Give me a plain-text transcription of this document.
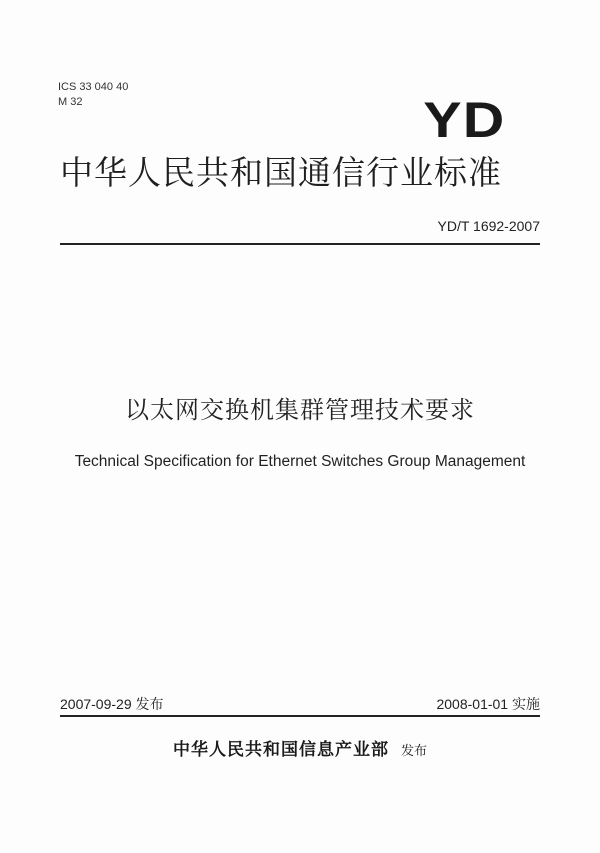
ICS 33 040 40
M 32	YD
中华人民共和国通信行业标准
YD/T 1692-2007
以太网交换机集群管理技术要求
Technical Specification for Ethernet Switches Group Management
2007-09-29 发布	2008-01-01 实施
中华人民共和国信息产业部 发布
